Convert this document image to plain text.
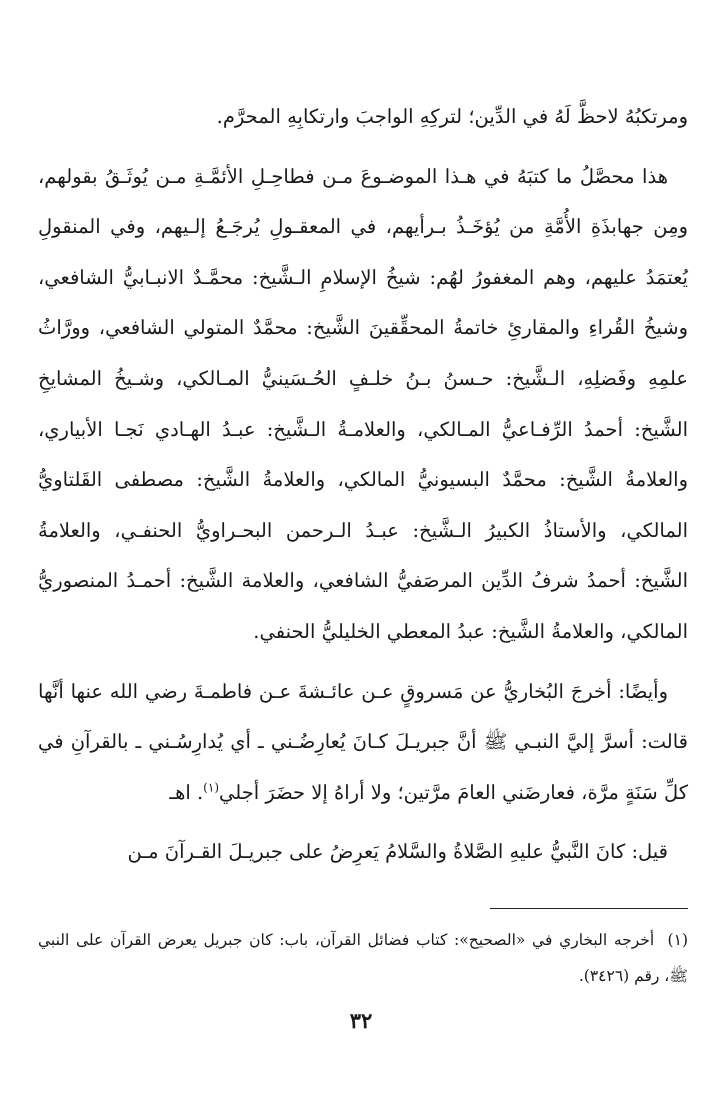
ومرتكبُهُ لاحظَّ لَهُ في الدِّين؛ لتركِهِ الواجبَ وارتكابِهِ المحرَّم.

هذا محصَّلُ ما كتبَهُ في هـذا الموضـوعَ مـن فطاحِـلِ الأئمَّـةِ مـن يُوثَـقُ بقولهم، ومِن جهابذَةِ الأُمَّةِ من يُؤخَـذُ بـرأيهم، في المعقـولِ يُرجَـعُ إلـيهم، وفي المنقولِ يُعتمَدُ عليهم، وهم المغفورُ لهُم: شيخُ الإسلامِ الـشَّيخ: محمَّـدٌ الانبـابيُّ الشافعي، وشيخُ القُراءِ والمقارئِ خاتمةُ المحقِّقينَ الشَّيخ: محمَّدٌ المتولي الشافعي، وورَّاثُ علمِهِ وفَضلِهِ، الـشَّيخ: حـسنُ بـنُ خلـفٍ الحُـسَينيُّ المـالكي، وشـيخُ المشايخِ الشَّيخ: أحمدُ الرِّفـاعيُّ المـالكي، والعلامـةُ الـشَّيخ: عبـدُ الهـادي نَجـا الأبياري، والعلامةُ الشَّيخ: محمَّدٌ البسيونيُّ المالكي، والعلامةُ الشَّيخ: مصطفى القَلتاويُّ المالكي، والأستاذُ الكبيرُ الـشَّيخ: عبـدُ الـرحمن البحـراويُّ الحنفـي، والعلامةُ الشَّيخ: أحمدُ شرفُ الدِّين المرصَفيُّ الشافعي، والعلامة الشَّيخ: أحمـدُ المنصوريُّ المالكي، والعلامةُ الشَّيخ: عبدُ المعطي الخليليُّ الحنفي.

وأيضًا: أخرجَ البُخاريُّ عن مَسروقٍ عـن عائـشةَ عـن فاطمـةَ رضي الله عنها أنَّها قالت: أسرَّ إليَّ النبـي ﷺ أنَّ جبريـلَ كـانَ يُعارِضُـني ـ أي يُدارِسُـني ـ بالقرآنِ في كلِّ سَنَةٍ مرَّة، فعارضَني العامَ مرَّتين؛ ولا أراهُ إلا حضَرَ أجلي$^{(١)}$. اهـ

قيل: كانَ النَّبيُّ عليهِ الصَّلاةُ والسَّلامُ يَعرِضُ على جبريـلَ القـرآنَ مـن

(١)  أخرجه البخاري في «الصحيح»: كتاب فضائل القرآن، باب: كان جبريل يعرض القرآن على النبي ﷺ، رقم (٣٤٢٦).

٣٢
